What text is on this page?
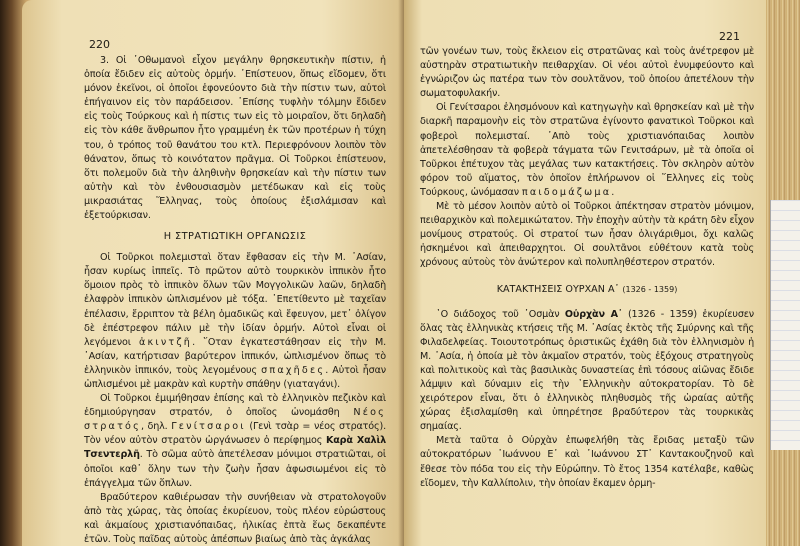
220

3. Οἱ ᾽Οθωμανοὶ εἶχον μεγάλην θρησκευτικὴν πίστιν, ἡ ὁποία ἔδιδεν εἰς αὐτοὺς ὁρμήν. ᾽Επίστευον, ὅπως εἴδομεν, ὅτι μόνον ἐκεῖνοι, οἱ ὁποῖοι ἐφονεύοντο διὰ τὴν πίστιν των, αὐτοὶ ἐπήγαινον εἰς τὸν παράδεισον. ᾽Επίσης τυφλὴν τόλμην ἔδιδεν εἰς τοὺς Τούρκους καὶ ἡ πίστις των εἰς τὸ μοιραῖον, ὅτι δηλαδὴ εἰς τὸν κάθε ἄνθρωπον ἦτο γραμμένη ἐκ τῶν προτέρων ἡ τύχη του, ὁ τρόπος τοῦ θανάτου του κτλ. Περιεφρόνουν λοιπὸν τὸν θάνατον, ὅπως τὸ κοινότατον πρᾶγμα. Οἱ Τοῦρκοι ἐπίστευον, ὅτι πολεμοῦν διὰ τὴν ἀληθινὴν θρησκείαν καὶ τὴν πίστιν των αὐτὴν καὶ τὸν ἐνθουσιασμὸν μετέδωκαν καὶ εἰς τοὺς μικρασιάτας Ἕλληνας, τοὺς ὁποίους ἐξισλάμισαν καὶ ἐξετούρκισαν.

Η ΣΤΡΑΤΙΩΤΙΚΗ ΟΡΓΑΝΩΣΙΣ

Οἱ Τοῦρκοι πολεμισταὶ ὅταν ἔφθασαν εἰς τὴν Μ. ᾽Ασίαν, ἦσαν κυρίως ἱππεῖς. Τὸ πρῶτον αὐτὸ τουρκικὸν ἱππικὸν ἦτο ὅμοιον πρὸς τὸ ἱππικὸν ὅλων τῶν Μογγολικῶν λαῶν, δηλαδὴ ἐλαφρὸν ἱππικὸν ὡπλισμένον μὲ τόξα. ᾽Επετίθεντο μὲ ταχεῖαν ἐπέλασιν, ἔρριπτον τὰ βέλη ὁμαδικῶς καὶ ἔφευγον, μετ᾽ ὀλίγον δὲ ἐπέστρεφον πάλιν μὲ τὴν ἰδίαν ὁρμήν. Αὐτοὶ εἶναι οἱ λεγόμενοι ἀκιντζῆ. ῞Οταν ἐγκατεστάθησαν εἰς τὴν Μ. ᾽Ασίαν, κατήρτισαν βαρύτερον ἱππικόν, ὡπλισμένον ὅπως τὸ ἑλληνικὸν ἱππικόν, τοὺς λεγομένους σπαχῆδες. Αὐτοὶ ἦσαν ὡπλισμένοι μὲ μακρὰν καὶ κυρτὴν σπάθην (γιαταγάνι).

Οἱ Τοῦρκοι ἐμιμήθησαν ἐπίσης καὶ τὸ ἑλληνικὸν πεζικὸν καὶ ἐδημιούργησαν στρατόν, ὁ ὁποῖος ὠνομάσθη Νέος στρατός, δηλ. Γενίτσαροι (Γενὶ τσὰρ = νέος στρατός). Τὸν νέον αὐτὸν στρατὸν ὠργάνωσεν ὁ περίφημος Καρὰ Χαλὶλ Τσεντερλῆ. Τὸ σῶμα αὐτὸ ἀπετέλεσαν μόνιμοι στρατιῶται, οἱ ὁποῖοι καθ᾽ ὅλην των τὴν ζωὴν ἦσαν ἀφωσιωμένοι εἰς τὸ ἐπάγγελμα τῶν ὅπλων.

Βραδύτερον καθιέρωσαν τὴν συνήθειαν νὰ στρατολογοῦν ἀπὸ τὰς χώρας, τὰς ὁποίας ἐκυρίευον, τοὺς πλέον εὐρώστους καὶ ἀκμαίους χριστιανόπαιδας, ἡλικίας ἑπτὰ ἕως δεκαπέντε ἐτῶν. Τοὺς παῖδας αὐτοὺς ἀπέσπων βιαίως ἀπὸ τὰς ἀγκάλας

221

τῶν γονέων των, τοὺς ἔκλειον εἰς στρατῶνας καὶ τοὺς ἀνέτρεφον μὲ αὐστηρὰν στρατιωτικὴν πειθαρχίαν. Οἱ νέοι αὐτοὶ ἐνυμφεύοντο καὶ ἐγνώριζον ὡς πατέρα των τὸν σουλτᾶνον, τοῦ ὁποίου ἀπετέλουν τὴν σωματοφυλακήν.

Οἱ Γενίτσαροι ἐλησμόνουν καὶ κατηγωγὴν καὶ θρησκείαν καὶ μὲ τὴν διαρκῆ παραμονὴν εἰς τὸν στρατῶνα ἐγίνοντο φανατικοὶ Τοῦρκοι καὶ φοβεροὶ πολεμισταί. ᾽Απὸ τοὺς χριστιανόπαιδας λοιπὸν ἀπετελέσθησαν τὰ φοβερὰ τάγματα τῶν Γενιτσάρων, μὲ τὰ ὁποῖα οἱ Τοῦρκοι ἐπέτυχον τὰς μεγάλας των κατακτήσεις. Τὸν σκληρὸν αὐτὸν φόρον τοῦ αἵματος, τὸν ὁποῖον ἐπλήρωνον οἱ ῞Ελληνες εἰς τοὺς Τούρκους, ὠνόμασαν παιδομάζωμα.

Μὲ τὸ μέσον λοιπὸν αὐτὸ οἱ Τοῦρκοι ἀπέκτησαν στρατὸν μόνιμον, πειθαρχικὸν καὶ πολεμικώτατον. Τὴν ἐποχὴν αὐτὴν τὰ κράτη δὲν εἶχον μονίμους στρατούς. Οἱ στρατοί των ἦσαν ὀλιγάριθμοι, ὄχι καλῶς ἠσκημένοι καὶ ἀπειθαρχητοι. Οἱ σουλτᾶνοι εὐθέτουν κατὰ τοὺς χρόνους αὐτοὺς τὸν ἀνώτερον καὶ πολυπληθέστερον στρατόν.

ΚΑΤΑΚΤΗΣΕΙΣ ΟΥΡΧΑΝ Α᾽ (1326 - 1359)

῾Ο διάδοχος τοῦ ᾽Οσμὰν Οὐρχὰν Α᾽ (1326 - 1359) ἐκυρίευσεν ὅλας τὰς ἑλληνικὰς κτήσεις τῆς Μ. ᾽Ασίας ἐκτὸς τῆς Σμύρνης καὶ τῆς Φιλαδελφείας. Τοιουτοτρόπως ὁριστικῶς ἐχάθη διὰ τὸν ἑλληνισμὸν ἡ Μ. ᾽Ασία, ἡ ὁποία μὲ τὸν ἀκμαῖον στρατόν, τοὺς ἐξόχους στρατηγοὺς καὶ πολιτικοὺς καὶ τὰς βασιλικὰς δυναστείας ἐπὶ τόσους αἰῶνας ἔδιδε λάμψιν καὶ δύναμιν εἰς τὴν ῾Ελληνικὴν αὐτοκρατορίαν. Τὸ δὲ χειρότερον εἶναι, ὅτι ὁ ἑλληνικὸς πληθυσμὸς τῆς ὡραίας αὐτῆς χώρας ἐξισλαμίσθη καὶ ὑπηρέτησε βραδύτερον τὰς τουρκικὰς σημαίας.

Μετὰ ταῦτα ὁ Οὐρχὰν ἐπωφελήθη τὰς ἔριδας μεταξὺ τῶν αὐτοκρατόρων ᾽Ιωάννου Ε᾽ καὶ ᾽Ιωάννου ΣΤ᾽ Καντακουζηνοῦ καὶ ἔθεσε τὸν πόδα του εἰς τὴν Εὐρώπην. Τὸ ἔτος 1354 κατέλαβε, καθὼς εἴδομεν, τὴν Καλλίπολιν, τὴν ὁποίαν ἔκαμεν ὁρμη-
